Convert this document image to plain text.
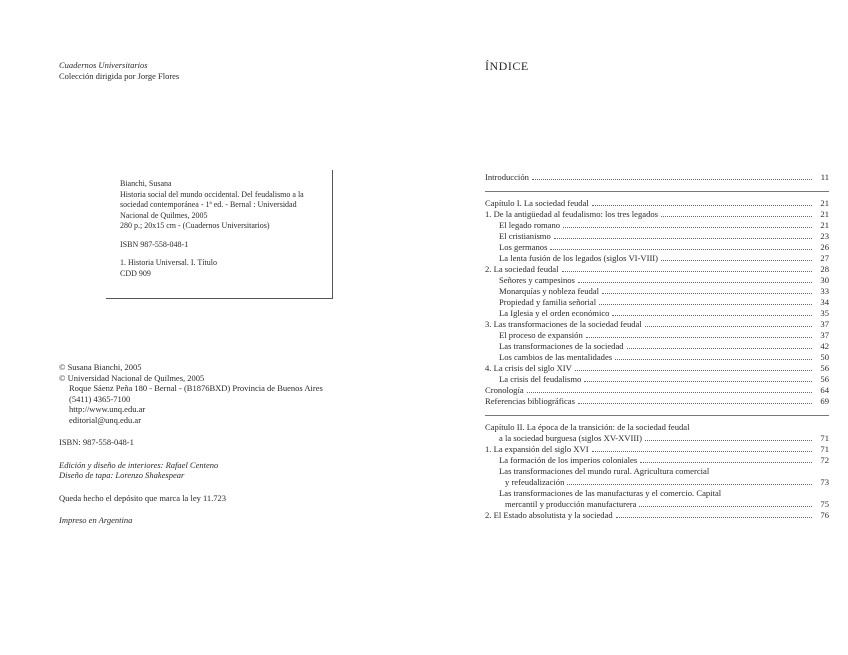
Cuadernos Universitarios
Colección dirigida por Jorge Flores
Bianchi, Susana
Historia social del mundo occidental. Del feudalismo a la sociedad contemporánea - 1ª ed. - Bernal : Universidad Nacional de Quilmes, 2005
280 p.; 20x15 cm - (Cuadernos Universitarios)
ISBN 987-558-048-1
1. Historia Universal. I. Título
CDD 909
© Susana Bianchi, 2005
© Universidad Nacional de Quilmes, 2005
Roque Sáenz Peña 180 - Bernal - (B1876BXD) Provincia de Buenos Aires
(5411) 4365-7100
http://www.unq.edu.ar
editorial@unq.edu.ar
ISBN: 987-558-048-1
Edición y diseño de interiores: Rafael Centeno
Diseño de tapa: Lorenzo Shakespear
Queda hecho el depósito que marca la ley 11.723
Impreso en Argentina
ÍNDICE
Introducción	11
Capítulo I. La sociedad feudal	21
1. De la antigüedad al feudalismo: los tres legados	21
El legado romano	21
El cristianismo	23
Los germanos	26
La lenta fusión de los legados (siglos VI-VIII)	27
2. La sociedad feudal	28
Señores y campesinos	30
Monarquías y nobleza feudal	33
Propiedad y familia señorial	34
La Iglesia y el orden económico	35
3. Las transformaciones de la sociedad feudal	37
El proceso de expansión	37
Las transformaciones de la sociedad	42
Los cambios de las mentalidades	50
4. La crisis del siglo XIV	56
La crisis del feudalismo	56
Cronología	64
Referencias bibliográficas	69
Capítulo II. La época de la transición: de la sociedad feudal
a la sociedad burguesa (siglos XV-XVIII)	71
1. La expansión del siglo XVI	71
La formación de los imperios coloniales	72
Las transformaciones del mundo rural. Agricultura comercial
y refeudalización	73
Las transformaciones de las manufacturas y el comercio. Capital
mercantil y producción manufacturera	75
2. El Estado absolutista y la sociedad	76
